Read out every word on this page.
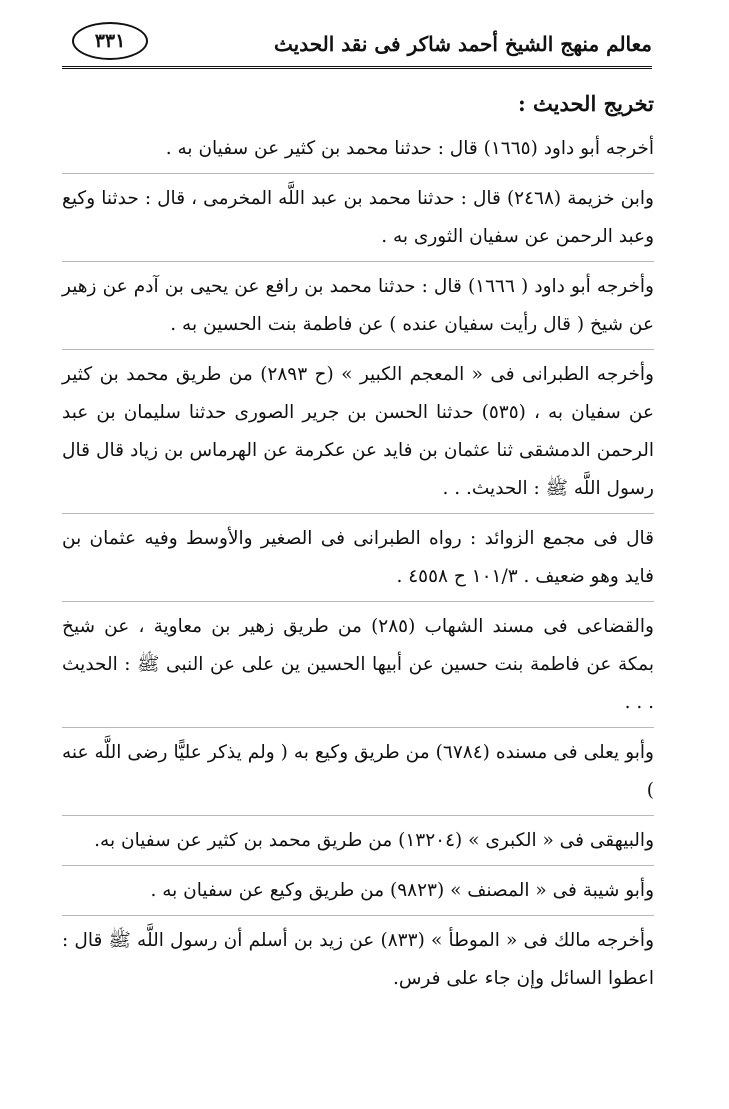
٣٣١	معالم منهج الشيخ أحمد شاكر فى نقد الحديث
تخريج الحديث :

أخرجه أبو داود (١٦٦٥) قال : حدثنا محمد بن كثير عن سفيان به .

وابن خزيمة (٢٤٦٨) قال : حدثنا محمد بن عبد اللَّه المخرمى ، قال : حدثنا وكيع وعبد الرحمن عن سفيان الثورى به .

وأخرجه أبو داود ( ١٦٦٦) قال : حدثنا محمد بن رافع عن يحيى بن آدم عن زهير عن شيخ ( قال رأيت سفيان عنده ) عن فاطمة بنت الحسين به .

وأخرجه الطبرانى فى « المعجم الكبير » (ح ٢٨٩٣) من طريق محمد بن كثير عن سفيان به ، (٥٣٥) حدثنا الحسن بن جرير الصورى حدثنا سليمان بن عبد الرحمن الدمشقى ثنا عثمان بن فايد عن عكرمة عن الهرماس بن زياد قال قال رسول اللَّه ﷺ : الحديث. . .

قال فى مجمع الزوائد : رواه الطبرانى فى الصغير والأوسط وفيه عثمان بن فايد وهو ضعيف . ١٠١/٣ ح ٤٥٥٨ .

والقضاعى فى مسند الشهاب (٢٨٥) من طريق زهير بن معاوية ، عن شيخ بمكة عن فاطمة بنت حسين عن أبيها الحسين ين على عن النبى ﷺ : الحديث . . .

وأبو يعلى فى مسنده (٦٧٨٤) من طريق وكيع به ( ولم يذكر عليًّا رضى اللَّه عنه )

والبيهقى فى « الكبرى » (١٣٢٠٤) من طريق محمد بن كثير عن سفيان به.

وأبو شيبة فى « المصنف » (٩٨٢٣) من طريق وكيع عن سفيان به .

وأخرجه مالك فى « الموطأ » (٨٣٣) عن زيد بن أسلم أن رسول اللَّه ﷺ قال : اعطوا السائل وإن جاء على فرس.
